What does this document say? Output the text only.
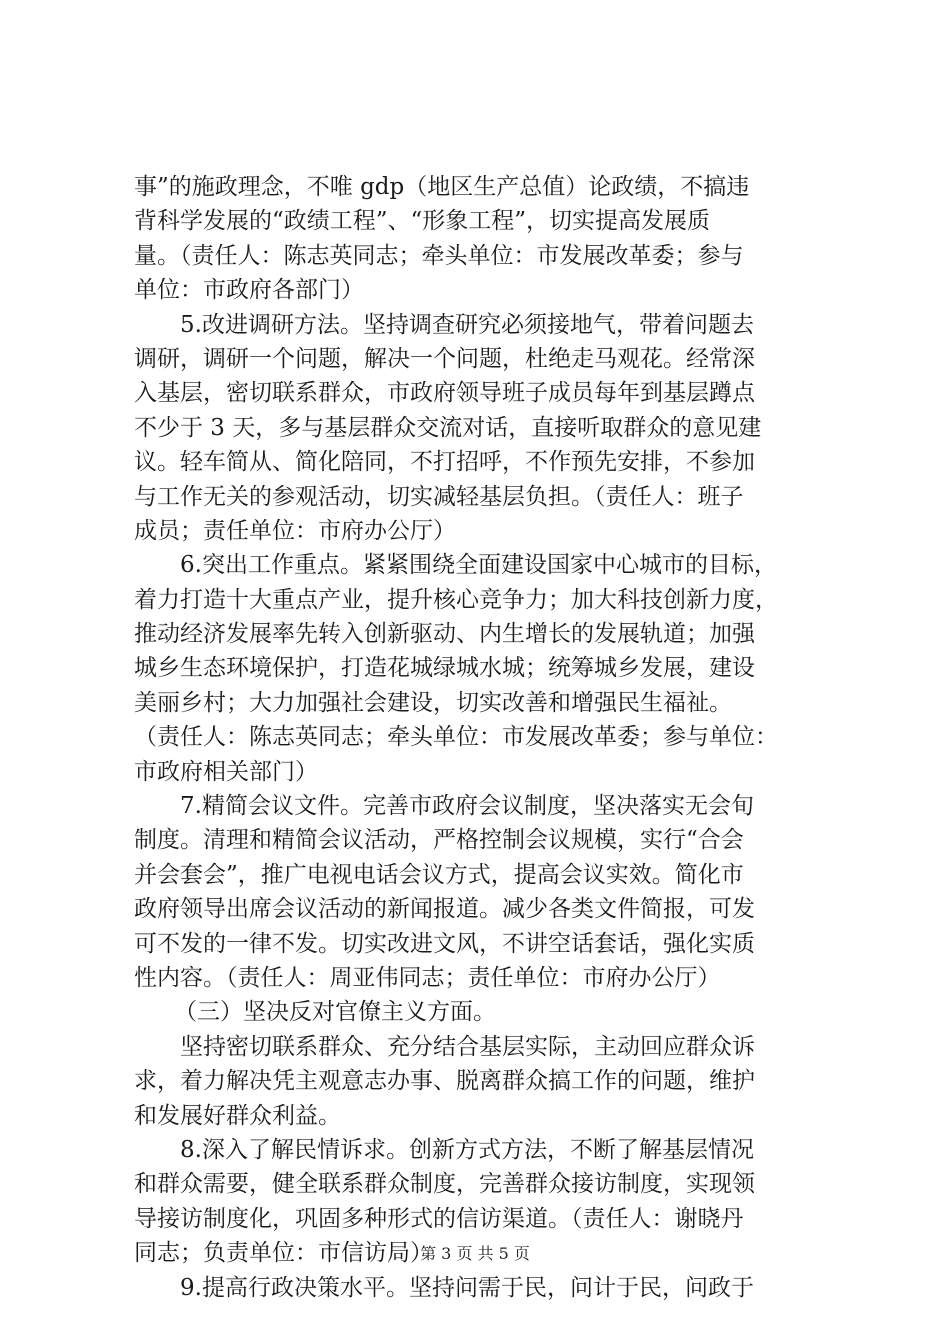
事”的施政理念，不唯 gdp（地区生产总值）论政绩，不搞违
背科学发展的“政绩工程”、“形象工程”，切实提高发展质
量。（责任人：陈志英同志；牵头单位：市发展改革委；参与
单位：市政府各部门）
5.改进调研方法。坚持调查研究必须接地气，带着问题去
调研，调研一个问题，解决一个问题，杜绝走马观花。经常深
入基层，密切联系群众，市政府领导班子成员每年到基层蹲点
不少于 3 天，多与基层群众交流对话，直接听取群众的意见建
议。轻车简从、简化陪同，不打招呼，不作预先安排，不参加
与工作无关的参观活动，切实减轻基层负担。（责任人：班子
成员；责任单位：市府办公厅）
6.突出工作重点。紧紧围绕全面建设国家中心城市的目标，
着力打造十大重点产业，提升核心竞争力；加大科技创新力度，
推动经济发展率先转入创新驱动、内生增长的发展轨道；加强
城乡生态环境保护，打造花城绿城水城；统筹城乡发展，建设
美丽乡村；大力加强社会建设，切实改善和增强民生福祉。
（责任人：陈志英同志；牵头单位：市发展改革委；参与单位：
市政府相关部门）
7.精简会议文件。完善市政府会议制度，坚决落实无会旬
制度。清理和精简会议活动，严格控制会议规模，实行“合会
并会套会”，推广电视电话会议方式，提高会议实效。简化市
政府领导出席会议活动的新闻报道。减少各类文件简报，可发
可不发的一律不发。切实改进文风，不讲空话套话，强化实质
性内容。（责任人：周亚伟同志；责任单位：市府办公厅）
（三）坚决反对官僚主义方面。
坚持密切联系群众、充分结合基层实际，主动回应群众诉
求，着力解决凭主观意志办事、脱离群众搞工作的问题，维护
和发展好群众利益。
8.深入了解民情诉求。创新方式方法，不断了解基层情况
和群众需要，健全联系群众制度，完善群众接访制度，实现领
导接访制度化，巩固多种形式的信访渠道。（责任人：谢晓丹
同志；负责单位：市信访局）
9.提高行政决策水平。坚持问需于民，问计于民，问政于
第 3 页 共 5 页
